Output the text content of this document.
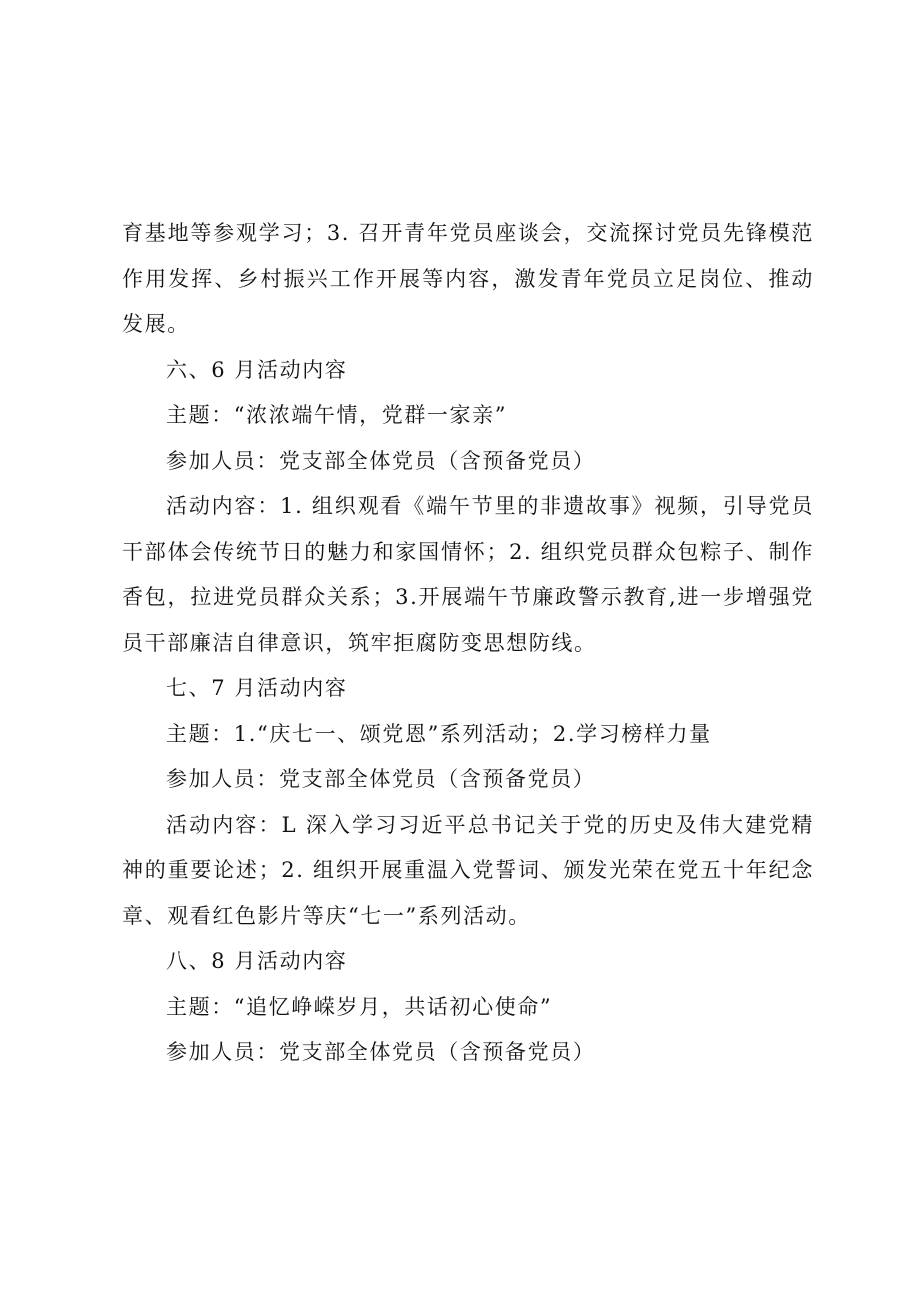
育基地等参观学习；3. 召开青年党员座谈会，交流探讨党员先锋模范作用发挥、乡村振兴工作开展等内容，激发青年党员立足岗位、推动发展。

六、6 月活动内容

主题：“浓浓端午情，党群一家亲”

参加人员：党支部全体党员（含预备党员）

活动内容：1. 组织观看《端午节里的非遗故事》视频，引导党员干部体会传统节日的魅力和家国情怀；2. 组织党员群众包粽子、制作香包，拉进党员群众关系；3.开展端午节廉政警示教育,进一步增强党员干部廉洁自律意识，筑牢拒腐防变思想防线。

七、7 月活动内容

主题：1.“庆七一、颂党恩”系列活动；2.学习榜样力量

参加人员：党支部全体党员（含预备党员）

活动内容：L 深入学习习近平总书记关于党的历史及伟大建党精神的重要论述；2. 组织开展重温入党誓词、颁发光荣在党五十年纪念章、观看红色影片等庆“七一”系列活动。

八、8 月活动内容

主题：“追忆峥嵘岁月，共话初心使命”

参加人员：党支部全体党员（含预备党员）
